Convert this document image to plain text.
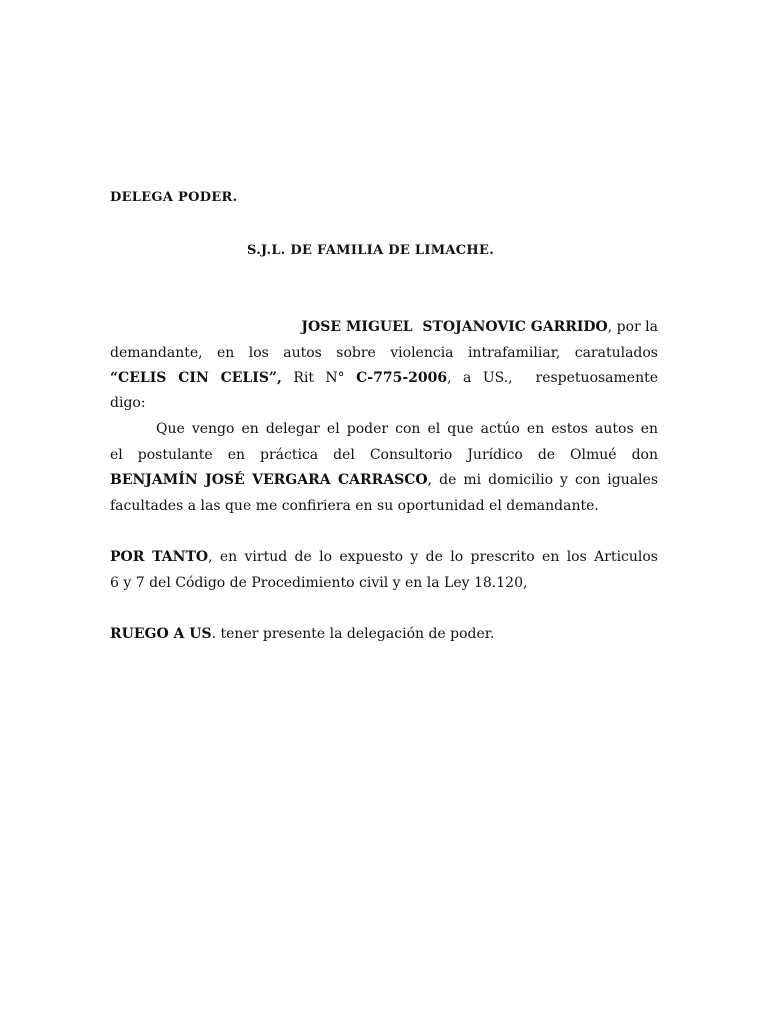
DELEGA PODER.
S.J.L. DE FAMILIA DE LIMACHE.
JOSE MIGUEL  STOJANOVIC GARRIDO, por la
demandante, en los autos sobre violencia intrafamiliar, caratulados
“CELIS CIN CELIS”, Rit N° C-775-2006, a US.,  respetuosamente
digo:
Que vengo en delegar el poder con el que actúo en estos autos en
el postulante en práctica del Consultorio Jurídico de Olmué don
BENJAMÍN JOSÉ VERGARA CARRASCO, de mi domicilio y con iguales
facultades a las que me confiriera en su oportunidad el demandante.
POR TANTO, en virtud de lo expuesto y de lo prescrito en los Articulos
6 y 7 del Código de Procedimiento civil y en la Ley 18.120,
RUEGO A US. tener presente la delegación de poder.
